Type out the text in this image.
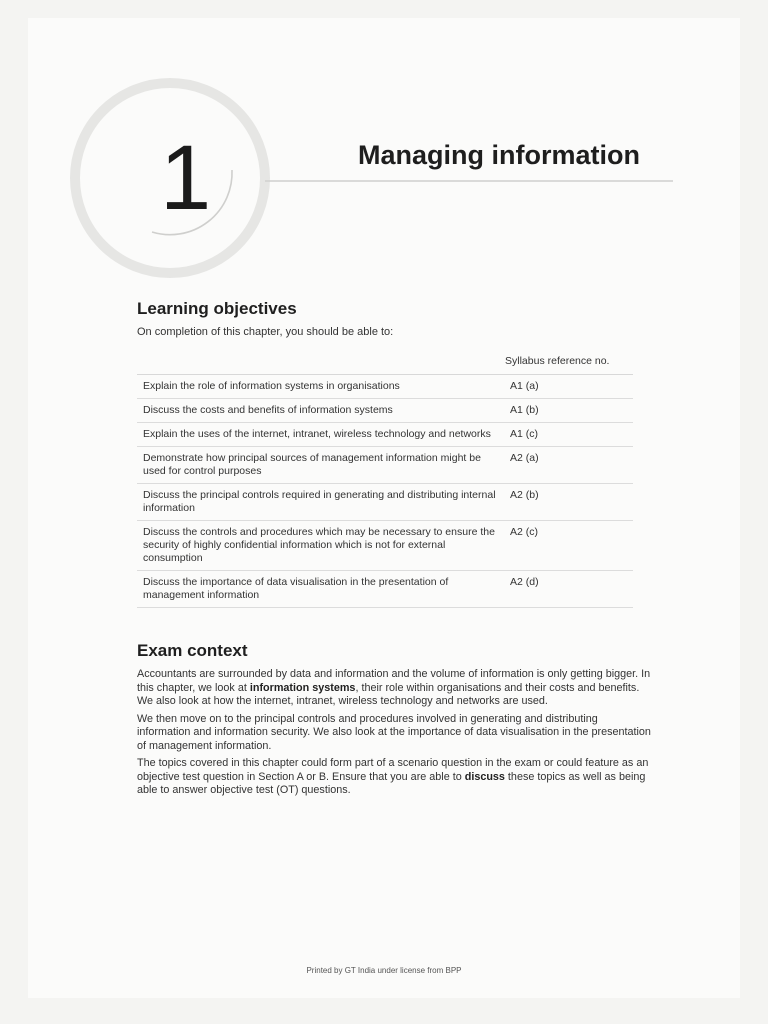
1	Managing information
Learning objectives
On completion of this chapter, you should be able to:
	Syllabus reference no.
Explain the role of information systems in organisations	A1 (a)
Discuss the costs and benefits of information systems	A1 (b)
Explain the uses of the internet, intranet, wireless technology and networks	A1 (c)
Demonstrate how principal sources of management information might be used for control purposes	A2 (a)
Discuss the principal controls required in generating and distributing internal information	A2 (b)
Discuss the controls and procedures which may be necessary to ensure the security of highly confidential information which is not for external consumption	A2 (c)
Discuss the importance of data visualisation in the presentation of management information	A2 (d)
Exam context

Accountants are surrounded by data and information and the volume of information is only getting bigger. In this chapter, we look at information systems, their role within organisations and their costs and benefits. We also look at how the internet, intranet, wireless technology and networks are used.

We then move on to the principal controls and procedures involved in generating and distributing information and information security. We also look at the importance of data visualisation in the presentation of management information.

The topics covered in this chapter could form part of a scenario question in the exam or could feature as an objective test question in Section A or B. Ensure that you are able to discuss these topics as well as being able to answer objective test (OT) questions.

Printed by GT India under license from BPP
